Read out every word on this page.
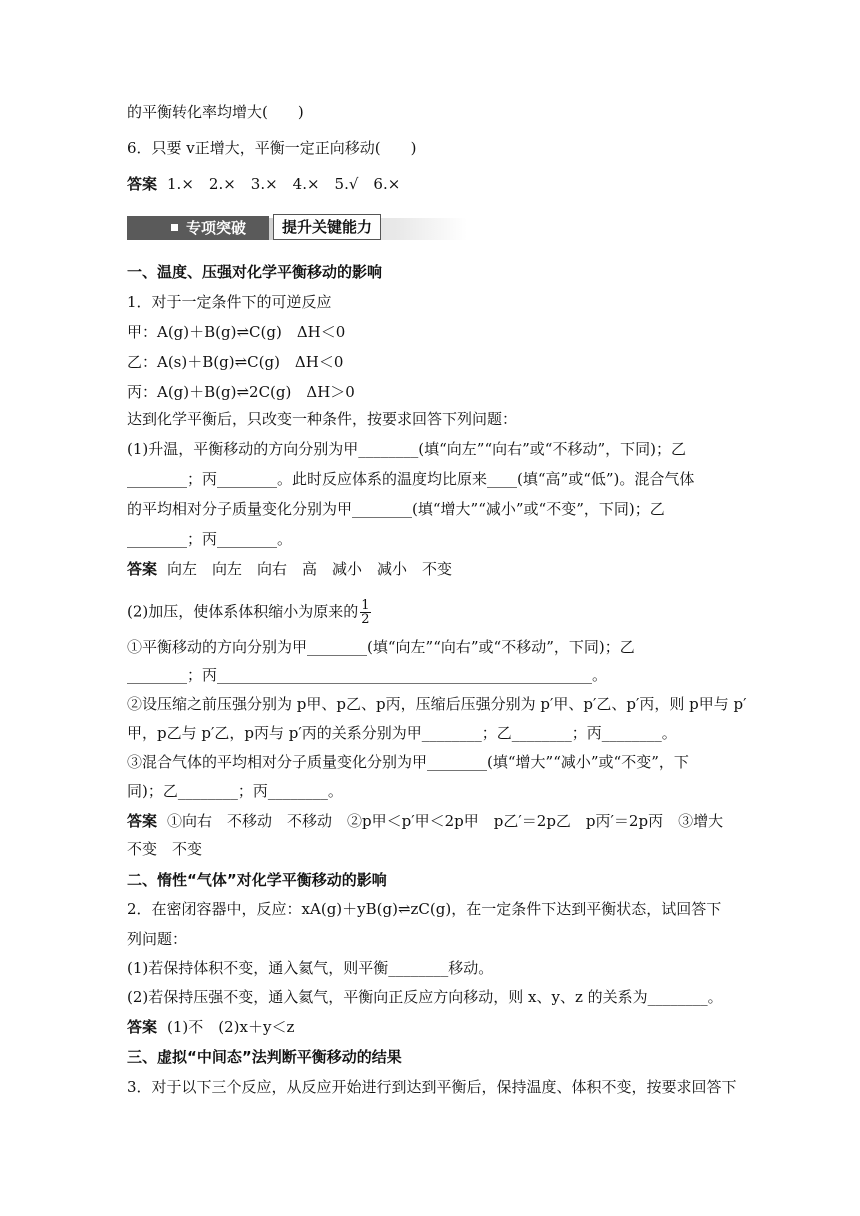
的平衡转化率均增大(　　)
6．只要 v正增大，平衡一定正向移动(　　)
答案 1.×　2.×　3.×　4.×　5.√　6.×
专项突破	提升关键能力
一、温度、压强对化学平衡移动的影响
1．对于一定条件下的可逆反应
甲：A(g)＋B(g)⇌C(g)　ΔH＜0
乙：A(s)＋B(g)⇌C(g)　ΔH＜0
丙：A(g)＋B(g)⇌2C(g)　ΔH＞0
达到化学平衡后，只改变一种条件，按要求回答下列问题：
(1)升温，平衡移动的方向分别为甲________(填“向左”“向右”或“不移动”，下同)；乙
________；丙________。此时反应体系的温度均比原来____(填“高”或“低”)。混合气体
的平均相对分子质量变化分别为甲________(填“增大”“减小”或“不变”，下同)；乙
________；丙________。
答案 向左　向左　向右　高　减小　减小　不变
(2)加压，使体系体积缩小为原来的 $\frac{1}{2}$
①平衡移动的方向分别为甲________(填“向左”“向右”或“不移动”，下同)；乙
________；丙__________________________________________________。
②设压缩之前压强分别为 p甲、p乙、p丙，压缩后压强分别为 p′甲、p′乙、p′丙，则 p甲与 p′
甲，p乙与 p′乙，p丙与 p′丙的关系分别为甲________；乙________；丙________。
③混合气体的平均相对分子质量变化分别为甲________(填“增大”“减小”或“不变”，下
同)；乙________；丙________。
答案 ①向右　不移动　不移动　②p甲＜p′甲＜2p甲　p乙′＝2p乙　p丙′＝2p丙　③增大
不变　不变
二、惰性“气体”对化学平衡移动的影响
2．在密闭容器中，反应：xA(g)＋yB(g)⇌zC(g)，在一定条件下达到平衡状态，试回答下
列问题：
(1)若保持体积不变，通入氦气，则平衡________移动。
(2)若保持压强不变，通入氦气，平衡向正反应方向移动，则 x、y、z 的关系为________。
答案 (1)不　(2)x＋y＜z
三、虚拟“中间态”法判断平衡移动的结果
3．对于以下三个反应，从反应开始进行到达到平衡后，保持温度、体积不变，按要求回答下
